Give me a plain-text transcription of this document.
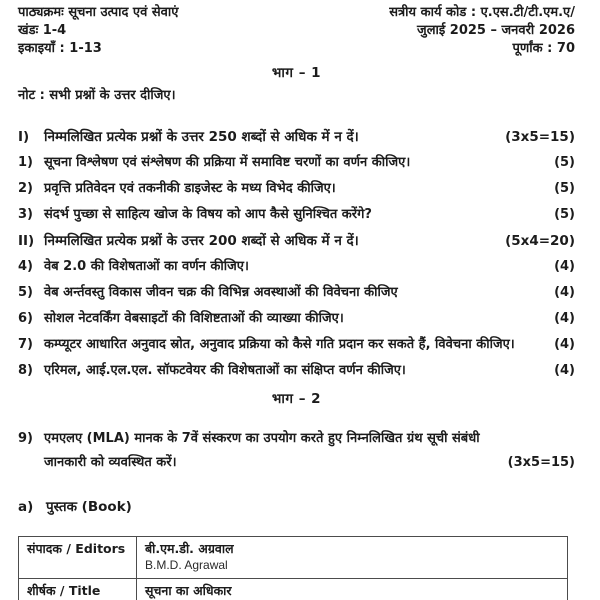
पाठ्यक्रमः सूचना उत्पाद एवं सेवाएं	सत्रीय कार्य कोड : ए.एस.टी/टी.एम.ए/
खंडः 1-4	जुलाई 2025 – जनवरी 2026
इकाइयाँ : 1-13	पूर्णांक : 70
भाग – 1
नोट : सभी प्रश्नों के उत्तर दीजिए।
I)	निम्मलिखित प्रत्येक प्रश्नों के उत्तर 250 शब्दों से अधिक में न दें।	(3x5=15)
1) सूचना विश्लेषण एवं संश्लेषण की प्रक्रिया में समाविष्ट चरणों का वर्णन कीजिए।	(5)
2) प्रवृत्ति प्रतिवेदन एवं तकनीकी डाइजेस्ट के मध्य विभेद कीजिए।	(5)
3) संदर्भ पुच्छा से साहित्य खोज के विषय को आप कैसे सुनिश्चित करेंगे?	(5)
II) निम्मलिखित प्रत्येक प्रश्नों के उत्तर 200 शब्दों से अधिक में न दें।	(5x4=20)
4) वेब 2.0 की विशेषताओं का वर्णन कीजिए।	(4)
5) वेब अर्न्तवस्तु विकास जीवन चक्र की विभिन्न अवस्थाओं की विवेचना कीजिए	(4)
6) सोशल नेटवर्किंग वेबसाइटों की विशिष्टताओं की व्याख्या कीजिए।	(4)
7) कम्प्यूटर आधारित अनुवाद स्रोत, अनुवाद प्रक्रिया को कैसे गति प्रदान कर सकते हैं, विवेचना कीजिए।	(4)
8) एरिमल, आई.एल.एल. सॉफटवेयर की विशेषताओं का संक्षिप्त वर्णन कीजिए।	(4)
भाग – 2
9) एमएलए (MLA) मानक के 7वें संस्करण का उपयोग करते हुए निम्नलिखित ग्रंथ सूची संबंधी जानकारी को व्यवस्थित करें।	(3x5=15)
a) पुस्तक (Book)
संपादक / Editors	बी.एम.डी. अग्रवाल
B.M.D. Agrawal

शीर्षक / Title	सूचना का अधिकार
